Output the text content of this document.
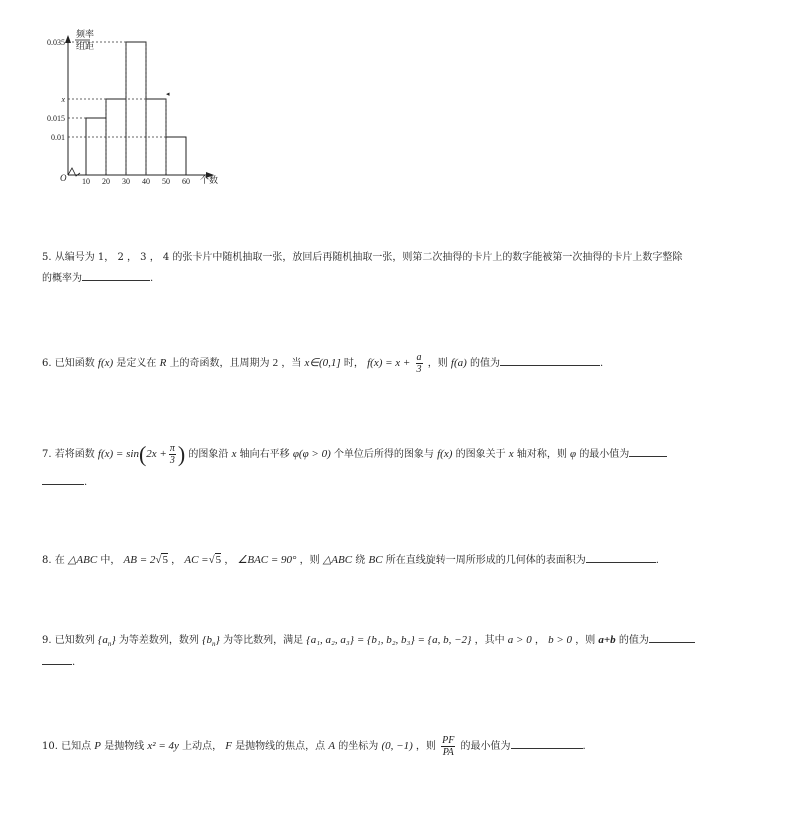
频率
组距
O	个数
◂
0.035
x
0.015
0.01
10 20 30 40 50 60
5. 从编号为 1， 2 ， 3 ， 4 的张卡片中随机抽取一张，放回后再随机抽取一张，则第二次抽得的卡片上的数字能被第一次抽得的卡片上数字整除
的概率为	.
6. 已知函数 f(x) 是定义在 R 上的奇函数，且周期为 2 ，当 x∈(0,1] 时， $f(x) = x + \frac{a}{3}$ ，则 f(a) 的值为	.
7. 若将函数 $f(x) = \sin(2x + \frac{\pi}{3}$ ) 的图象沿 x 轴向右平移 φ(φ > 0) 个单位后所得的图象与 f(x) 的图象关于 x 轴对称，则 φ 的最小值为
.
8. 在 △ABC 中， AB = 2√5 ， AC =√5 ， ∠BAC = 90° ，则 △ABC 绕 BC 所在直线旋转一周所形成的几何体的表面积为	.
9. 已知数列 $\{a_n\}$ 为等差数列，数列 $\{b_n\}$ 为等比数列，满足 {a₁, a₂, a₃} = {b₁, b₂, b₃} = {a, b, −2} ，其中 a > 0 ， b > 0 ，则 a+b 的值为
.
10. 已知点 P 是抛物线 x² = 4y 上动点， F 是抛物线的焦点，点 A 的坐标为 (0, −1) ，则 $\frac{PF}{PA}$ 的最小值为	.
